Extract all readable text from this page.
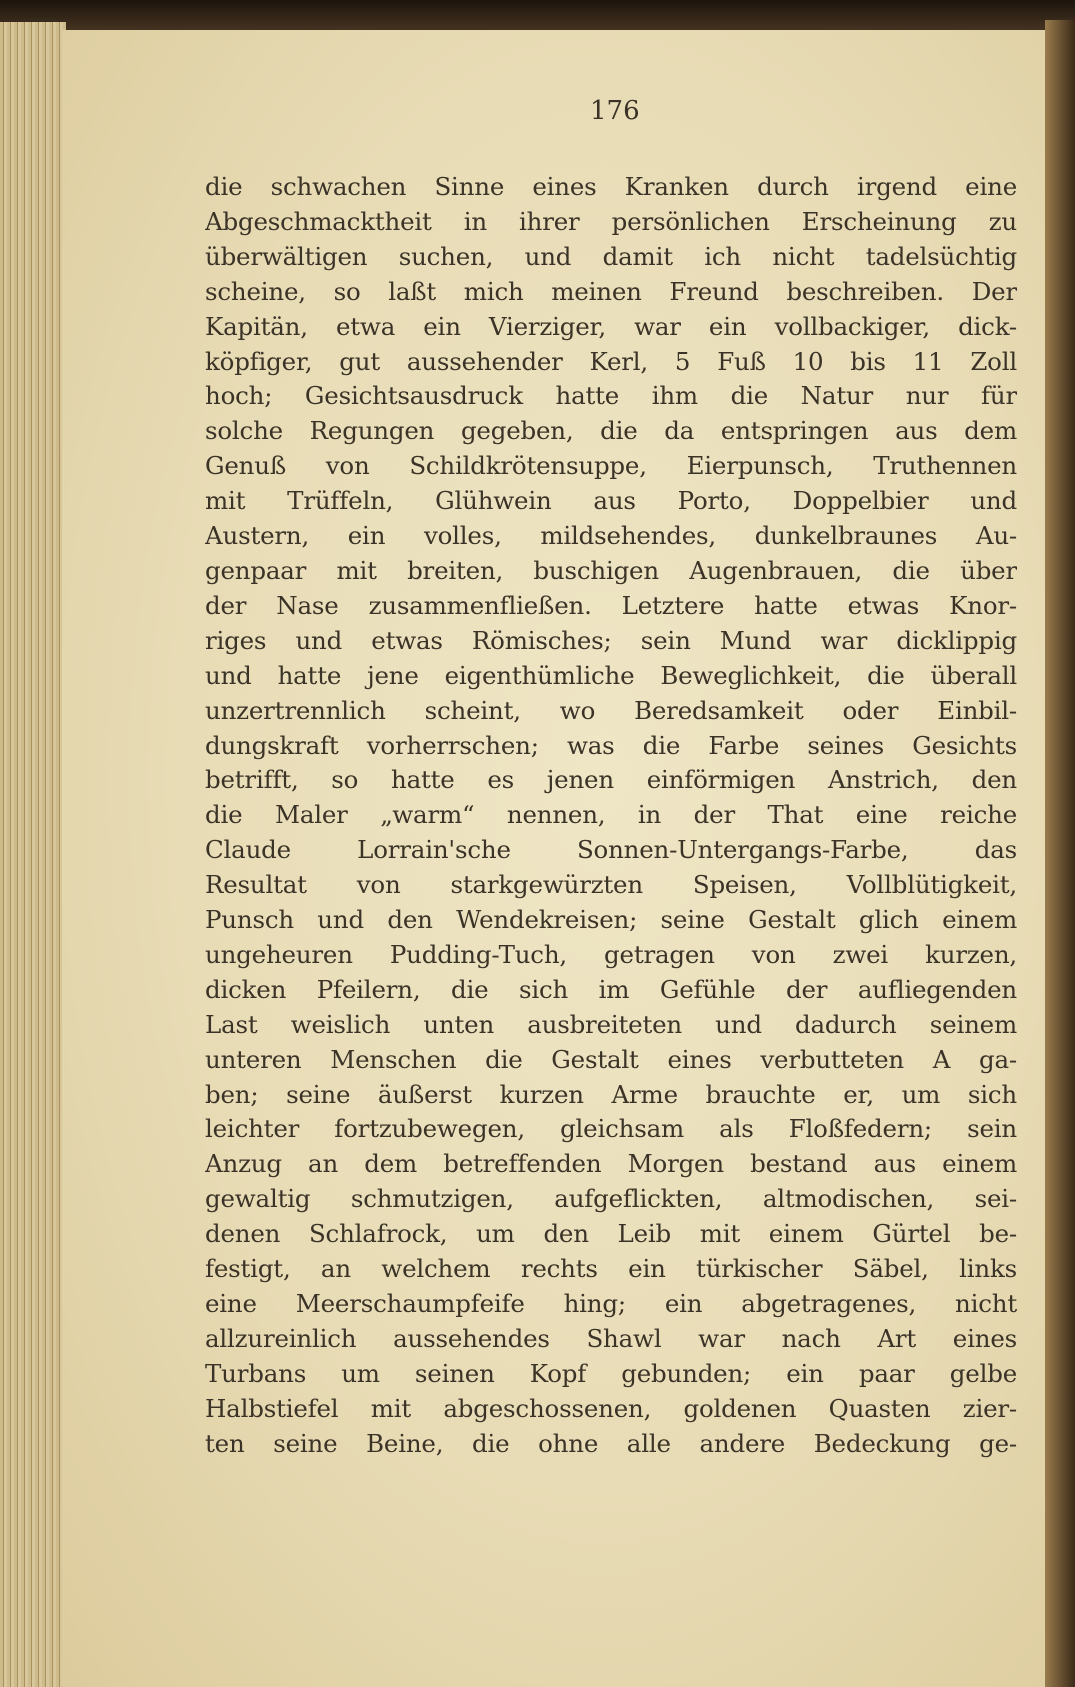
176
die schwachen Sinne eines Kranken durch irgend eine
Abgeschmacktheit in ihrer persönlichen Erscheinung zu
überwältigen suchen, und damit ich nicht tadelsüchtig
scheine, so laßt mich meinen Freund beschreiben. Der
Kapitän, etwa ein Vierziger, war ein vollbackiger, dick-
köpfiger, gut aussehender Kerl, 5 Fuß 10 bis 11 Zoll
hoch; Gesichtsausdruck hatte ihm die Natur nur für
solche Regungen gegeben, die da entspringen aus dem
Genuß von Schildkrötensuppe, Eierpunsch, Truthennen
mit Trüffeln, Glühwein aus Porto, Doppelbier und
Austern, ein volles, mildsehendes, dunkelbraunes Au-
genpaar mit breiten, buschigen Augenbrauen, die über
der Nase zusammenfließen. Letztere hatte etwas Knor-
riges und etwas Römisches; sein Mund war dicklippig
und hatte jene eigenthümliche Beweglichkeit, die überall
unzertrennlich scheint, wo Beredsamkeit oder Einbil-
dungskraft vorherrschen; was die Farbe seines Gesichts
betrifft, so hatte es jenen einförmigen Anstrich, den
die Maler „warm“ nennen, in der That eine reiche
Claude Lorrain'sche Sonnen-Untergangs-Farbe, das
Resultat von starkgewürzten Speisen, Vollblütigkeit,
Punsch und den Wendekreisen; seine Gestalt glich einem
ungeheuren Pudding-Tuch, getragen von zwei kurzen,
dicken Pfeilern, die sich im Gefühle der aufliegenden
Last weislich unten ausbreiteten und dadurch seinem
unteren Menschen die Gestalt eines verbutteten A ga-
ben; seine äußerst kurzen Arme brauchte er, um sich
leichter fortzubewegen, gleichsam als Floßfedern; sein
Anzug an dem betreffenden Morgen bestand aus einem
gewaltig schmutzigen, aufgeflickten, altmodischen, sei-
denen Schlafrock, um den Leib mit einem Gürtel be-
festigt, an welchem rechts ein türkischer Säbel, links
eine Meerschaumpfeife hing; ein abgetragenes, nicht
allzureinlich aussehendes Shawl war nach Art eines
Turbans um seinen Kopf gebunden; ein paar gelbe
Halbstiefel mit abgeschossenen, goldenen Quasten zier-
ten seine Beine, die ohne alle andere Bedeckung ge-
